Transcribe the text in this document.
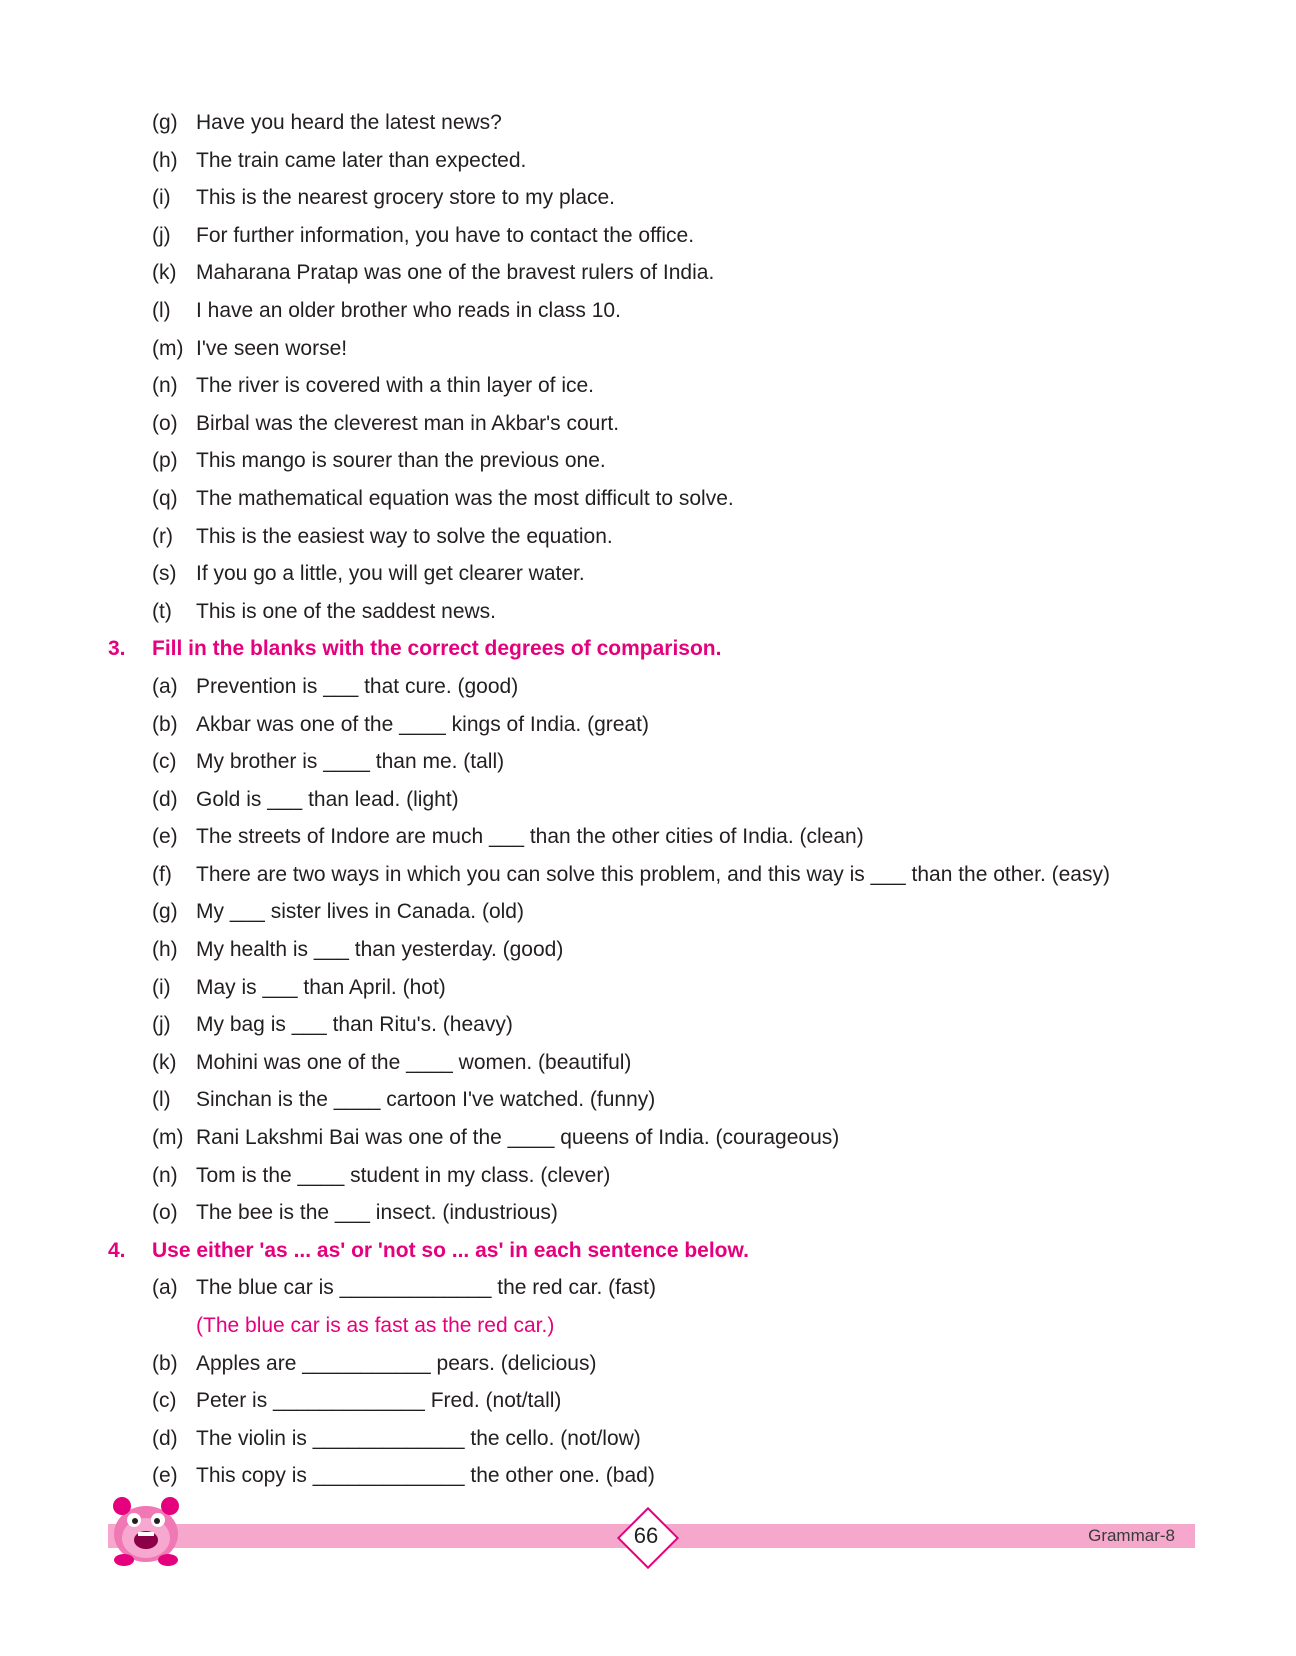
(g) Have you heard the latest news?
(h) The train came later than expected.
(i) This is the nearest grocery store to my place.
(j) For further information, you have to contact the office.
(k) Maharana Pratap was one of the bravest rulers of India.
(l) I have an older brother who reads in class 10.
(m) I've seen worse!
(n) The river is covered with a thin layer of ice.
(o) Birbal was the cleverest man in Akbar's court.
(p) This mango is sourer than the previous one.
(q) The mathematical equation was the most difficult to solve.
(r) This is the easiest way to solve the equation.
(s) If you go a little, you will get clearer water.
(t) This is one of the saddest news.
3. Fill in the blanks with the correct degrees of comparison.
(a) Prevention is ___ that cure. (good)
(b) Akbar was one of the ____ kings of India. (great)
(c) My brother is ____ than me. (tall)
(d) Gold is ___ than lead. (light)
(e) The streets of Indore are much ___ than the other cities of India. (clean)
(f) There are two ways in which you can solve this problem, and this way is ___ than the other. (easy)
(g) My ___ sister lives in Canada. (old)
(h) My health is ___ than yesterday. (good)
(i) May is ___ than April. (hot)
(j) My bag is ___ than Ritu's. (heavy)
(k) Mohini was one of the ____ women. (beautiful)
(l) Sinchan is the ____ cartoon I've watched. (funny)
(m) Rani Lakshmi Bai was one of the ____ queens of India. (courageous)
(n) Tom is the ____ student in my class. (clever)
(o) The bee is the ___ insect. (industrious)
4. Use either 'as ... as' or 'not so ... as' in each sentence below.
(a) The blue car is _____________ the red car. (fast)
(The blue car is as fast as the red car.)
(b) Apples are ___________ pears. (delicious)
(c) Peter is _____________ Fred. (not/tall)
(d) The violin is _____________ the cello. (not/low)
(e) This copy is _____________ the other one. (bad)
Grammar-8
66
